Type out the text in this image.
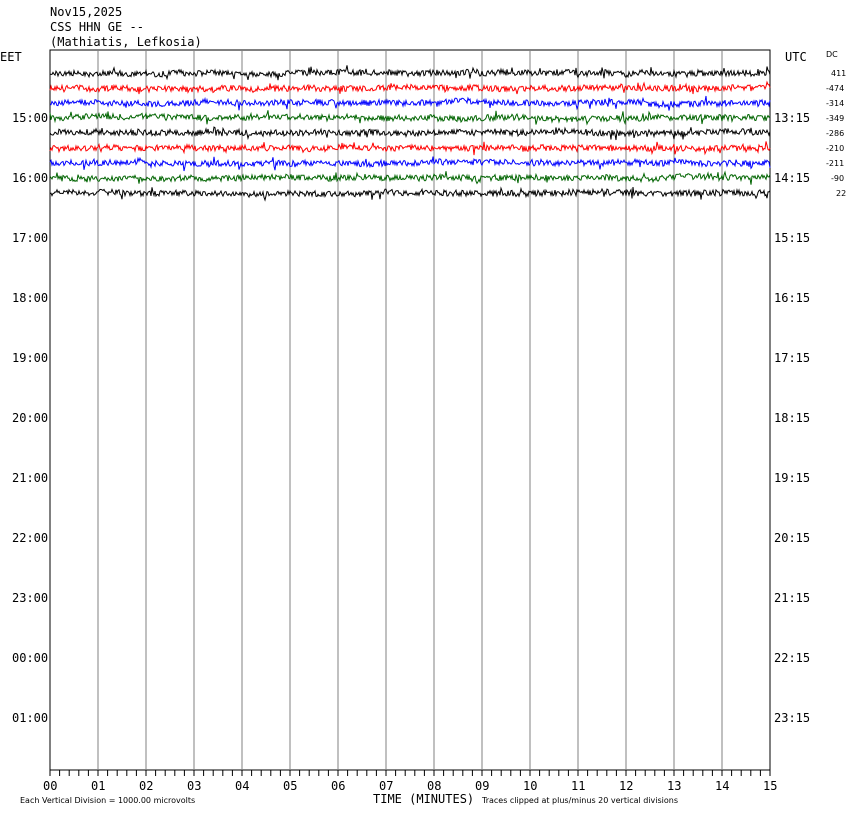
Nov15,2025
CSS HHN GE --
(Mathiatis, Lefkosia)
EET	UTC DC
00	01	02	03	04	05	06	07	08	09	10	11	12	13	14	15
15:00
16:00
17:00
18:00
19:00
20:00
21:00
22:00
23:00
00:00
01:00
13:15
14:15
15:15
16:15
17:15
18:15
19:15
20:15
21:15
22:15
23:15
411
-474
-314
-349
-286
-210
-211
-90
22
TIME (MINUTES)
Each Vertical Division = 1000.00 microvolts	Traces clipped at plus/minus 20 vertical divisions
